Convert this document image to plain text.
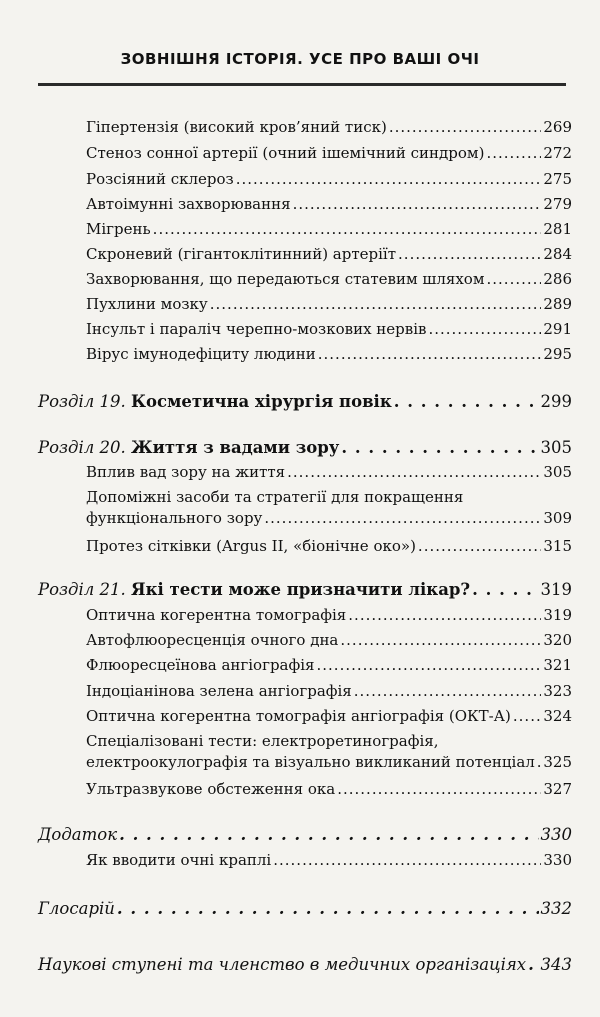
ЗОВНІШНЯ ІСТОРІЯ. УСЕ ПРО ВАШІ ОЧІ
Гіпертензія (високий кров’яний тиск) .....	269
Стеноз сонної артерії (очний ішемічний синдром) .....	272
Розсіяний склероз .....	275
Автоімунні захворювання .....	279
Мігрень .....	281
Скроневий (гігантоклітинний) артеріїт .....	284
Захворювання, що передаються статевим шляхом .....	286
Пухлини мозку .....	289
Інсульт і параліч черепно-мозкових нервів .....	291
Вірус імунодефіциту людини .....	295
Розділ 19. Косметична хірургія повік . . .	299
Розділ 20. Життя з вадами зору . . .	305
Вплив вад зору на життя .....	305
Допоміжні засоби та стратегії для покращення
функціонального зору .....	309
Протез сітківки (Argus II, «біонічне око») .....	315
Розділ 21. Які тести може призначити лікар? . . .	319
Оптична когерентна томографія .....	319
Автофлюоресценція очного дна .....	320
Флюоресцеїнова ангіографія .....	321
Індоціанінова зелена ангіографія .....	323
Оптична когерентна томографія ангіографія (ОКТ-А) ..... 324
Спеціалізовані тести: електроретинографія,
електроокулографія та візуально викликаний потенціал ..... 325
Ультразвукове обстеження ока .....	327
Додаток . . .	330
Як вводити очні краплі .....	330
Глосарій . . .	332
Наукові ступені та членство в медичних організаціях . . . 343
